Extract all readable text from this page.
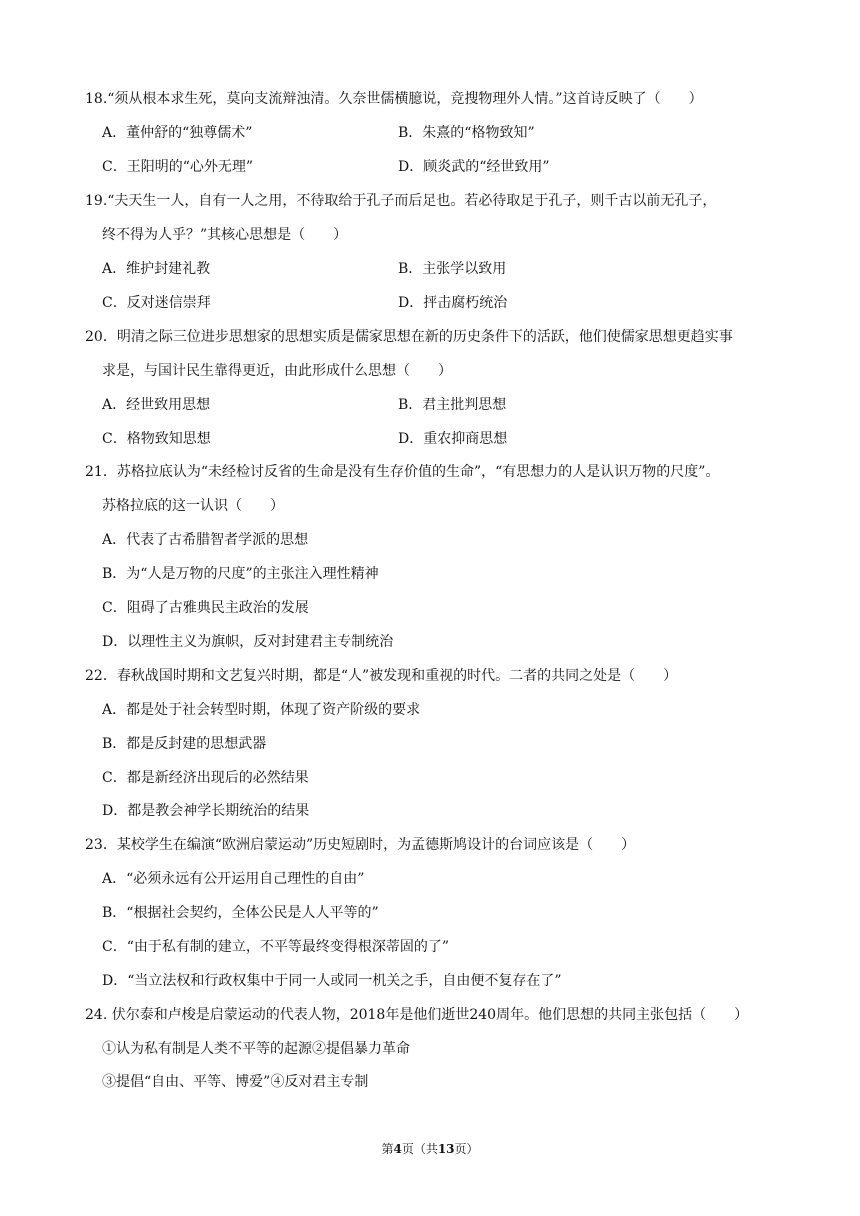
18.“须从根本求生死，莫向支流辩浊清。久奈世儒横臆说，竞搜物理外人情。”这首诗反映了（　　）
A．董仲舒的“独尊儒术”	B．朱熹的“格物致知”
C．王阳明的“心外无理”	D．顾炎武的“经世致用”
19.“夫天生一人，自有一人之用，不待取给于孔子而后足也。若必待取足于孔子，则千古以前无孔子，
终不得为人乎？”其核心思想是（　　）
A．维护封建礼教	B．主张学以致用
C．反对迷信崇拜	D．抨击腐朽统治
20．明清之际三位进步思想家的思想实质是儒家思想在新的历史条件下的活跃，他们使儒家思想更趋实事
求是，与国计民生靠得更近，由此形成什么思想（　　）
A．经世致用思想	B．君主批判思想
C．格物致知思想	D．重农抑商思想
21．苏格拉底认为“未经检讨反省的生命是没有生存价值的生命”，“有思想力的人是认识万物的尺度”。
苏格拉底的这一认识（　　）
A．代表了古希腊智者学派的思想
B．为“人是万物的尺度”的主张注入理性精神
C．阻碍了古雅典民主政治的发展
D．以理性主义为旗帜，反对封建君主专制统治
22．春秋战国时期和文艺复兴时期，都是“人”被发现和重视的时代。二者的共同之处是（　　）
A．都是处于社会转型时期，体现了资产阶级的要求
B．都是反封建的思想武器
C．都是新经济出现后的必然结果
D．都是教会神学长期统治的结果
23．某校学生在编演“欧洲启蒙运动”历史短剧时，为孟德斯鸠设计的台词应该是（　　）
A．“必须永远有公开运用自己理性的自由”
B．“根据社会契约，全体公民是人人平等的”
C．“由于私有制的建立，不平等最终变得根深蒂固的了”
D．“当立法权和行政权集中于同一人或同一机关之手，自由便不复存在了”
24. 伏尔泰和卢梭是启蒙运动的代表人物，2018年是他们逝世240周年。他们思想的共同主张包括（　　）
①认为私有制是人类不平等的起源②提倡暴力革命
③提倡“自由、平等、博爱”④反对君主专制
第4页（共13页）
